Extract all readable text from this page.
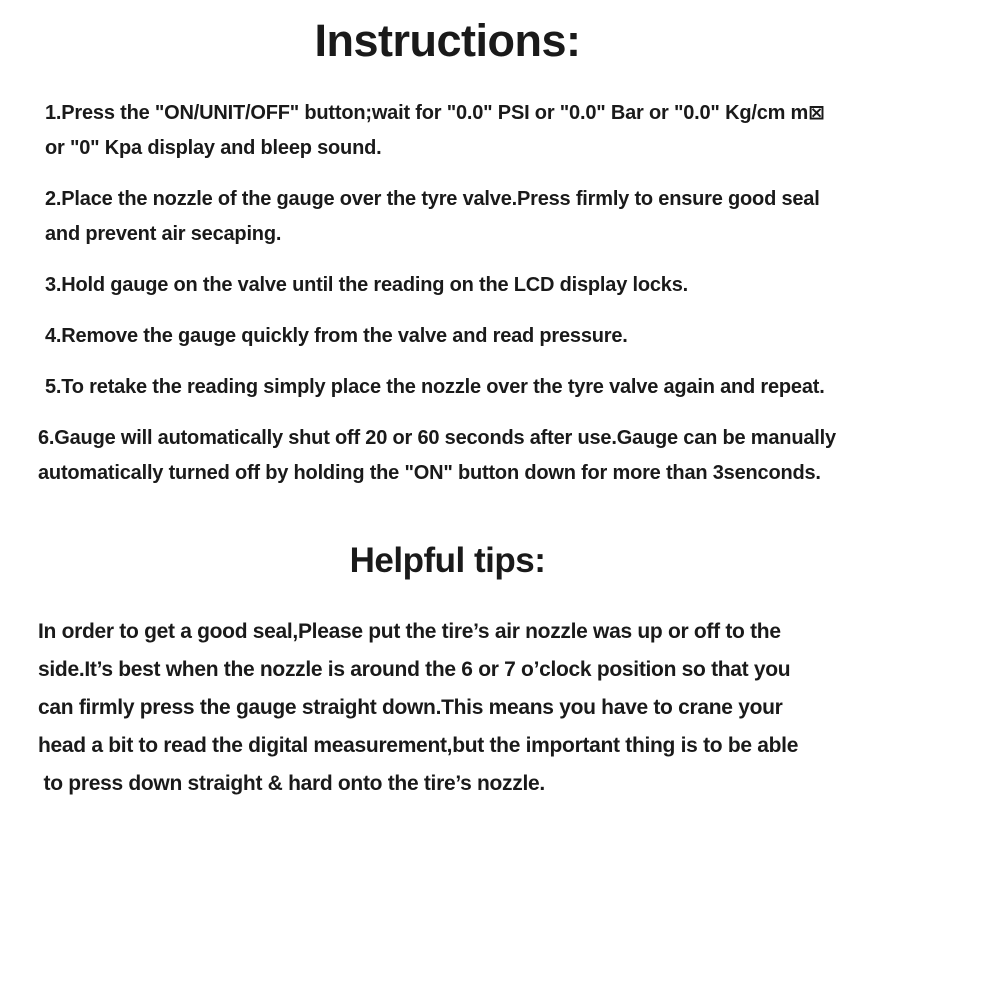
Instructions:

1.Press the "ON/UNIT/OFF" button;wait for "0.0" PSI or "0.0" Bar or "0.0" Kg/cm m⊠
or "0" Kpa display and bleep sound.

2.Place the nozzle of the gauge over the tyre valve.Press firmly to ensure good seal
and prevent air secaping.

3.Hold gauge on the valve until the reading on the LCD display locks.

4.Remove the gauge quickly from the valve and read pressure.

5.To retake the reading simply place the nozzle over the tyre valve again and repeat.

6.Gauge will automatically shut off 20 or 60 seconds after use.Gauge can be manually
automatically turned off by holding the "ON" button down for more than 3senconds.

Helpful tips:
In order to get a good seal,Please put the tire’s air nozzle was up or off to the
side.It’s best when the nozzle is around the 6 or 7 o’clock position so that you
can firmly press the gauge straight down.This means you have to crane your
head a bit to read the digital measurement,but the important thing is to be able
to press down straight & hard onto the tire’s nozzle.
